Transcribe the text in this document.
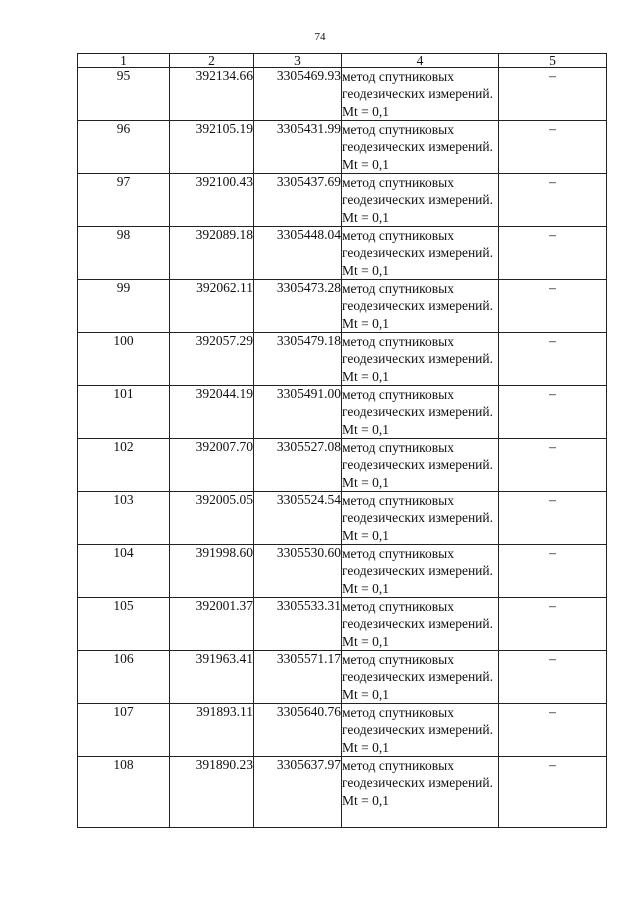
74
1	2	3	4	5
95	392134.66	3305469.93	метод спутниковых геодезических измерений. Mt = 0,1	–
96	392105.19	3305431.99	метод спутниковых геодезических измерений. Mt = 0,1	–
97	392100.43	3305437.69	метод спутниковых геодезических измерений. Mt = 0,1	–
98	392089.18	3305448.04	метод спутниковых геодезических измерений. Mt = 0,1	–
99	392062.11	3305473.28	метод спутниковых геодезических измерений. Mt = 0,1	–
100	392057.29	3305479.18	метод спутниковых геодезических измерений. Mt = 0,1	–
101	392044.19	3305491.00	метод спутниковых геодезических измерений. Mt = 0,1	–
102	392007.70	3305527.08	метод спутниковых геодезических измерений. Mt = 0,1	–
103	392005.05	3305524.54	метод спутниковых геодезических измерений. Mt = 0,1	–
104	391998.60	3305530.60	метод спутниковых геодезических измерений. Mt = 0,1	–
105	392001.37	3305533.31	метод спутниковых геодезических измерений. Mt = 0,1	–
106	391963.41	3305571.17	метод спутниковых геодезических измерений. Mt = 0,1	–
107	391893.11	3305640.76	метод спутниковых геодезических измерений. Mt = 0,1	–
108	391890.23	3305637.97	метод спутниковых геодезических измерений. Mt = 0,1	–
